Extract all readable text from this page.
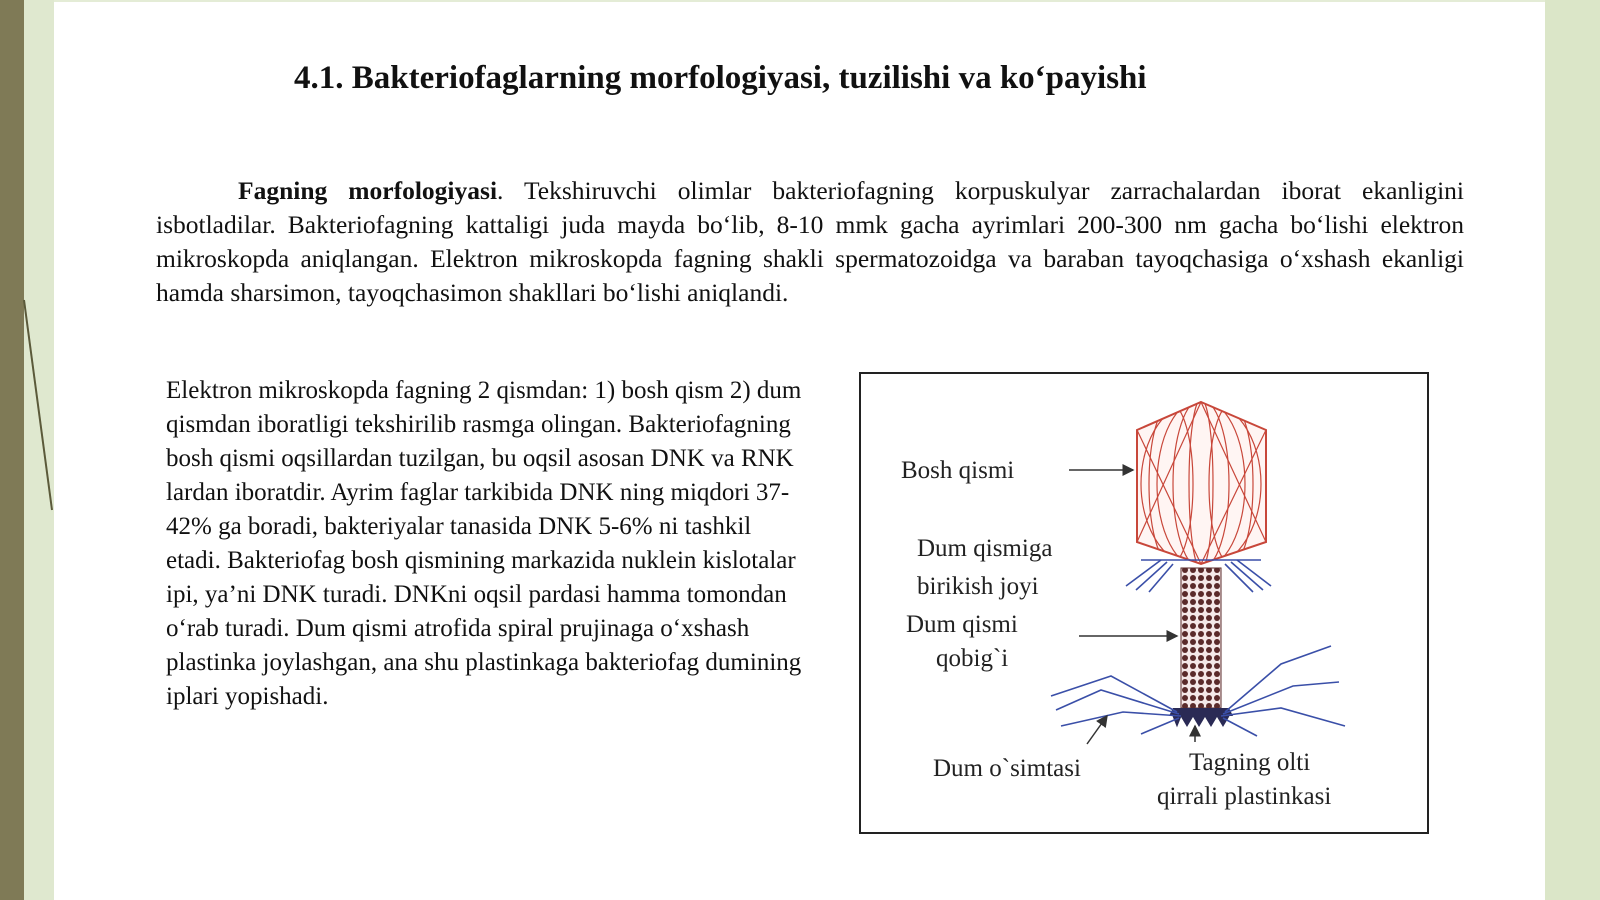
4.1. Bakteriofaglarning morfologiyasi, tuzilishi va ko‘payishi

Fagning morfologiyasi. Tekshiruvchi olimlar bakteriofagning korpuskulyar zarrachalardan iborat ekanligini isbotladilar. Bakteriofagning kattaligi juda mayda bo‘lib, 8-10 mmk gacha ayrimlari 200-300 nm gacha bo‘lishi elektron mikroskopda aniqlangan. Elektron mikroskopda fagning shakli spermatozoidga va baraban tayoqchasiga o‘xshash ekanligi hamda sharsimon, tayoqchasimon shakllari bo‘lishi aniqlandi.

Elektron mikroskopda fagning 2 qismdan: 1) bosh qism 2) dum qismdan iboratligi tekshirilib rasmga olingan. Bakteriofagning bosh qismi oqsillardan tuzilgan, bu oqsil asosan DNK va RNK lardan iboratdir. Ayrim faglar tarkibida DNK ning miqdori 37-42% ga boradi, bakteriyalar tanasida DNK 5-6% ni tashkil etadi. Bakteriofag bosh qismining markazida nuklein kislotalar ipi, ya’ni DNK turadi. DNKni oqsil pardasi hamma tomondan o‘rab turadi. Dum qismi atrofida spiral prujinaga o‘xshash plastinka joylashgan, ana shu plastinkaga bakteriofag dumining iplari yopishadi.

Bosh qismi
Dum qismiga
birikish joyi
Dum qismi
qobig`i
Dum o`simtasi	Tagning olti
qirrali plastinkasi
